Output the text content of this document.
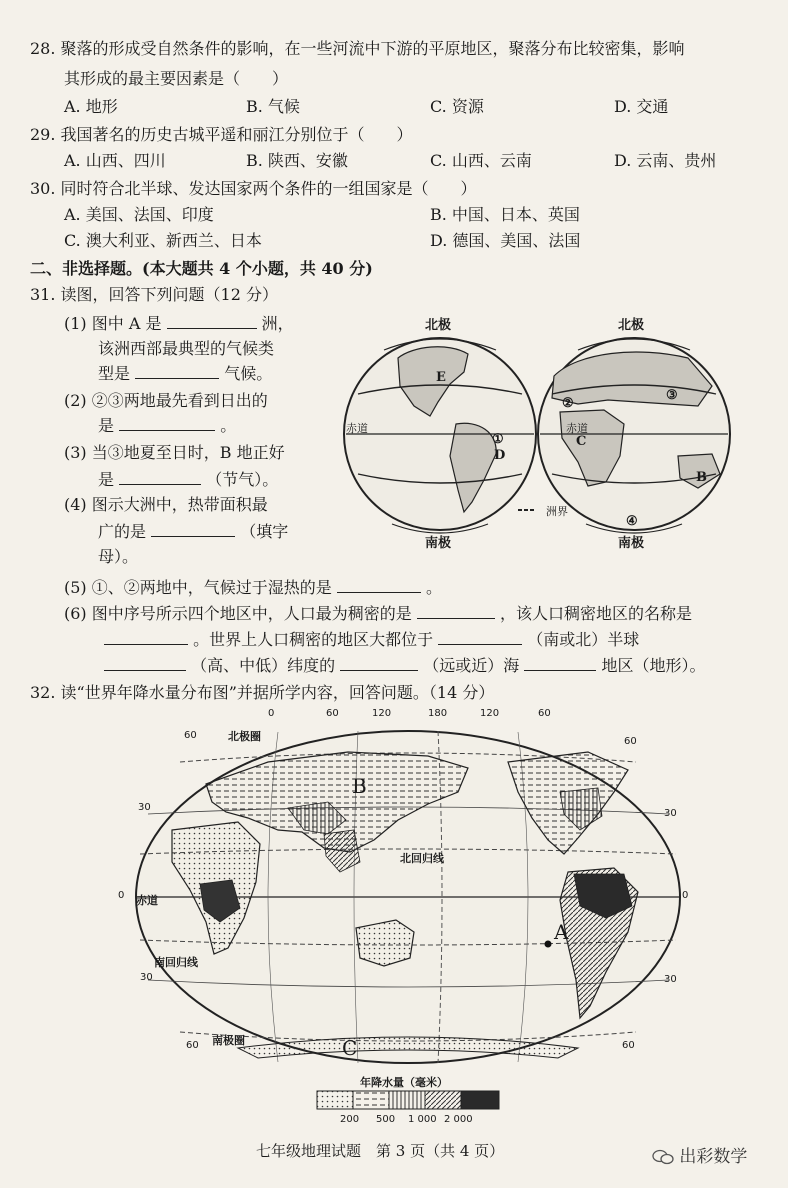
28. 聚落的形成受自然条件的影响，在一些河流中下游的平原地区，聚落分布比较密集，影响
其形成的最主要因素是（　　）
A. 地形	B. 气候	C. 资源	D. 交通
29. 我国著名的历史古城平遥和丽江分别位于（　　）
A. 山西、四川	B. 陕西、安徽	C. 山西、云南	D. 云南、贵州
30. 同时符合北半球、发达国家两个条件的一组国家是（　　）
A. 美国、法国、印度	B. 中国、日本、英国
C. 澳大利亚、新西兰、日本	D. 德国、美国、法国
二、非选择题。(本大题共 4 个小题，共 40 分)
31. 读图，回答下列问题（12 分）
(1) 图中 A 是	洲，
该洲西部最典型的气候类
型是	气候。
(2) ②③两地最先看到日出的
是	。
(3) 当③地夏至日时，B 地正好
是	（节气）。
(4) 图示大洲中，热带面积最
广的是	（填字
母）。
北极	北极
南极	南极
赤道	赤道
洲界
E
①
D
②
③
C
B
④
(5) ①、②两地中，气候过于湿热的是	。
(6) 图中序号所示四个地区中，人口最为稠密的是	，该人口稠密地区的名称是
。世界上人口稠密的地区大都位于	（南或北）半球
（高、中低）纬度的	（远或近）海	地区（地形）。
32. 读“世界年降水量分布图”并据所学内容，回答问题。（14 分）
0	60	120	180	120	60
60
30
0
30
60
60
30
0
30
60
北极圈
北回归线
赤道
南回归线
南极圈
A
B
C
年降水量（毫米）
200 500 1 000 2 000
七年级地理试题　第 3 页（共 4 页）	出彩数学
